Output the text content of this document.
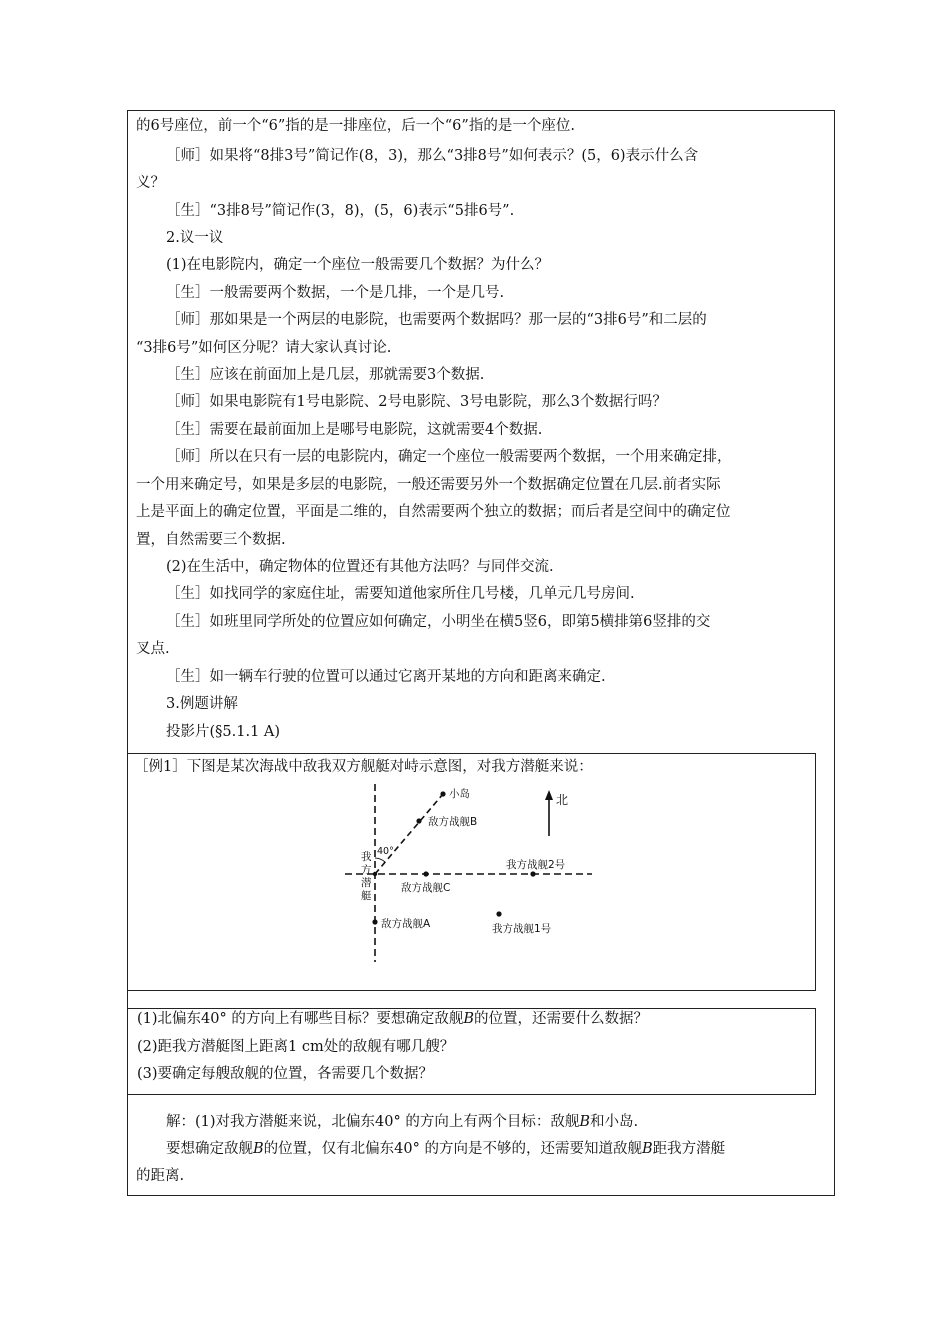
的6号座位，前一个“6”指的是一排座位，后一个“6”指的是一个座位.
［师］如果将“8排3号”简记作(8，3)，那么“3排8号”如何表示？(5，6)表示什么含
义？
［生］“3排8号”简记作(3，8)，(5，6)表示“5排6号”.
2.议一议
(1)在电影院内，确定一个座位一般需要几个数据？为什么？
［生］一般需要两个数据，一个是几排，一个是几号.
［师］那如果是一个两层的电影院，也需要两个数据吗？那一层的“3排6号”和二层的
“3排6号”如何区分呢？请大家认真讨论.
［生］应该在前面加上是几层，那就需要3个数据.
［师］如果电影院有1号电影院、2号电影院、3号电影院，那么3个数据行吗？
［生］需要在最前面加上是哪号电影院，这就需要4个数据.
［师］所以在只有一层的电影院内，确定一个座位一般需要两个数据，一个用来确定排，
一个用来确定号，如果是多层的电影院，一般还需要另外一个数据确定位置在几层.前者实际
上是平面上的确定位置，平面是二维的，自然需要两个独立的数据；而后者是空间中的确定位
置，自然需要三个数据.
(2)在生活中，确定物体的位置还有其他方法吗？与同伴交流.
［生］如找同学的家庭住址，需要知道他家所住几号楼，几单元几号房间.
［生］如班里同学所处的位置应如何确定，小明坐在横5竖6，即第5横排第6竖排的交
叉点.
［生］如一辆车行驶的位置可以通过它离开某地的方向和距离来确定.
3.例题讲解
投影片(§5.1.1 A)
［例1］下图是某次海战中敌我双方舰艇对峙示意图，对我方潜艇来说：
小岛
敌方战舰B
敌方战舰C
我方战舰2号
敌方战舰A	我方战舰1号
北
40°
我
方
潜
艇
(1)北偏东40° 的方向上有哪些目标？要想确定敌舰B的位置，还需要什么数据？
(2)距我方潜艇图上距离1 cm处的敌舰有哪几艘？
(3)要确定每艘敌舰的位置，各需要几个数据？
解：(1)对我方潜艇来说，北偏东40° 的方向上有两个目标：敌舰B和小岛.
要想确定敌舰B的位置，仅有北偏东40° 的方向是不够的，还需要知道敌舰B距我方潜艇
的距离.
